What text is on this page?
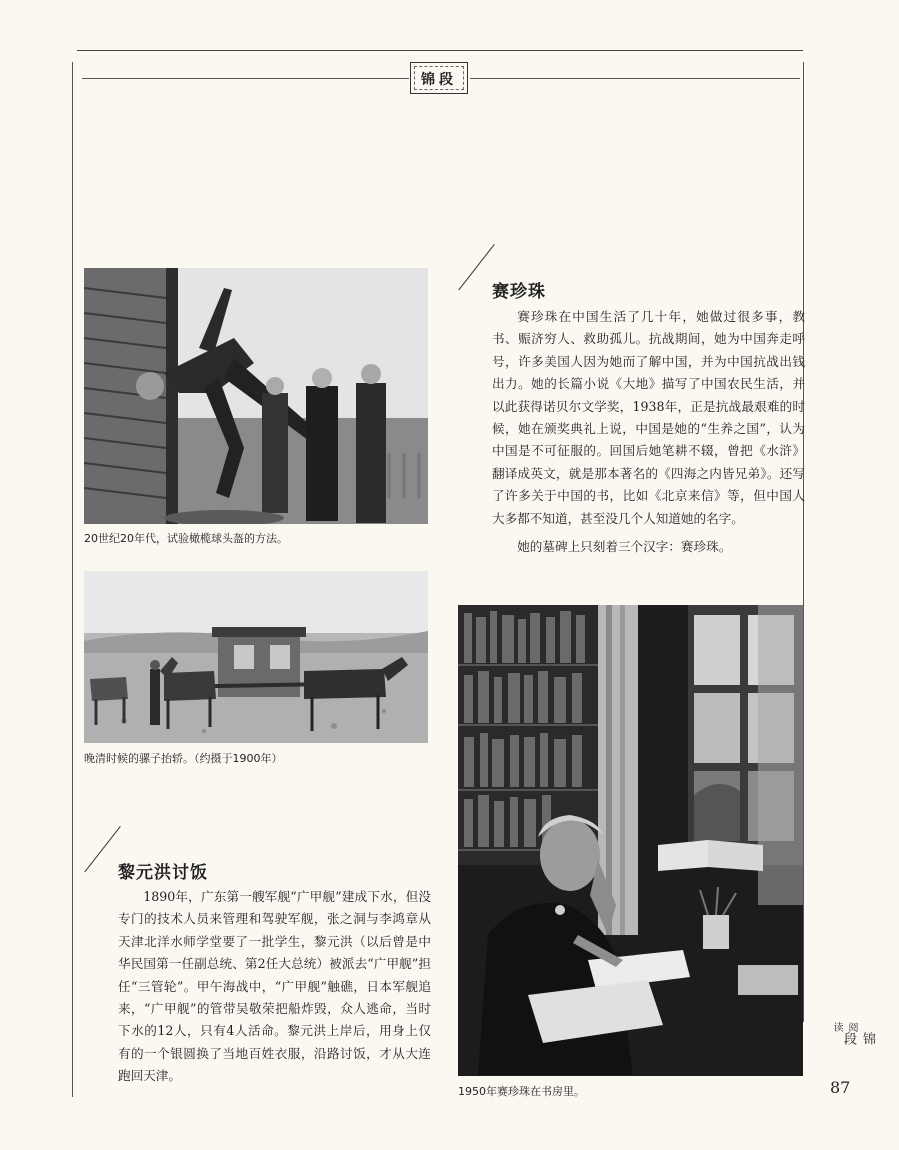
锦段
20世纪20年代，试验橄榄球头盔的方法。
晚清时候的骡子抬轿。（约摄于1900年）
赛珍珠

赛珍珠在中国生活了几十年，她做过很多事，教书、赈济穷人、救助孤儿。抗战期间，她为中国奔走呼号，许多美国人因为她而了解中国，并为中国抗战出钱出力。她的长篇小说《大地》描写了中国农民生活，并以此获得诺贝尔文学奖，1938年，正是抗战最艰难的时候，她在颁奖典礼上说，中国是她的“生养之国”，认为中国是不可征服的。回国后她笔耕不辍，曾把《水浒》翻译成英文，就是那本著名的《四海之内皆兄弟》。还写了许多关于中国的书，比如《北京来信》等，但中国人大多都不知道，甚至没几个人知道她的名字。

她的墓碑上只刻着三个汉字：赛珍珠。

1950年赛珍珠在书房里。
黎元洪讨饭

1890年，广东第一艘军舰“广甲舰”建成下水，但没专门的技术人员来管理和驾驶军舰，张之洞与李鸿章从天津北洋水师学堂要了一批学生，黎元洪（以后曾是中华民国第一任副总统、第2任大总统）被派去“广甲舰”担任“三管轮”。甲午海战中，“广甲舰”触礁，日本军舰追来，“广甲舰”的管带吴敬荣把船炸毁，众人逃命，当时下水的12人，只有4人活命。黎元洪上岸后，用身上仅有的一个银圆换了当地百姓衣服，沿路讨饭，才从大连跑回天津。

阅读
锦段
87
